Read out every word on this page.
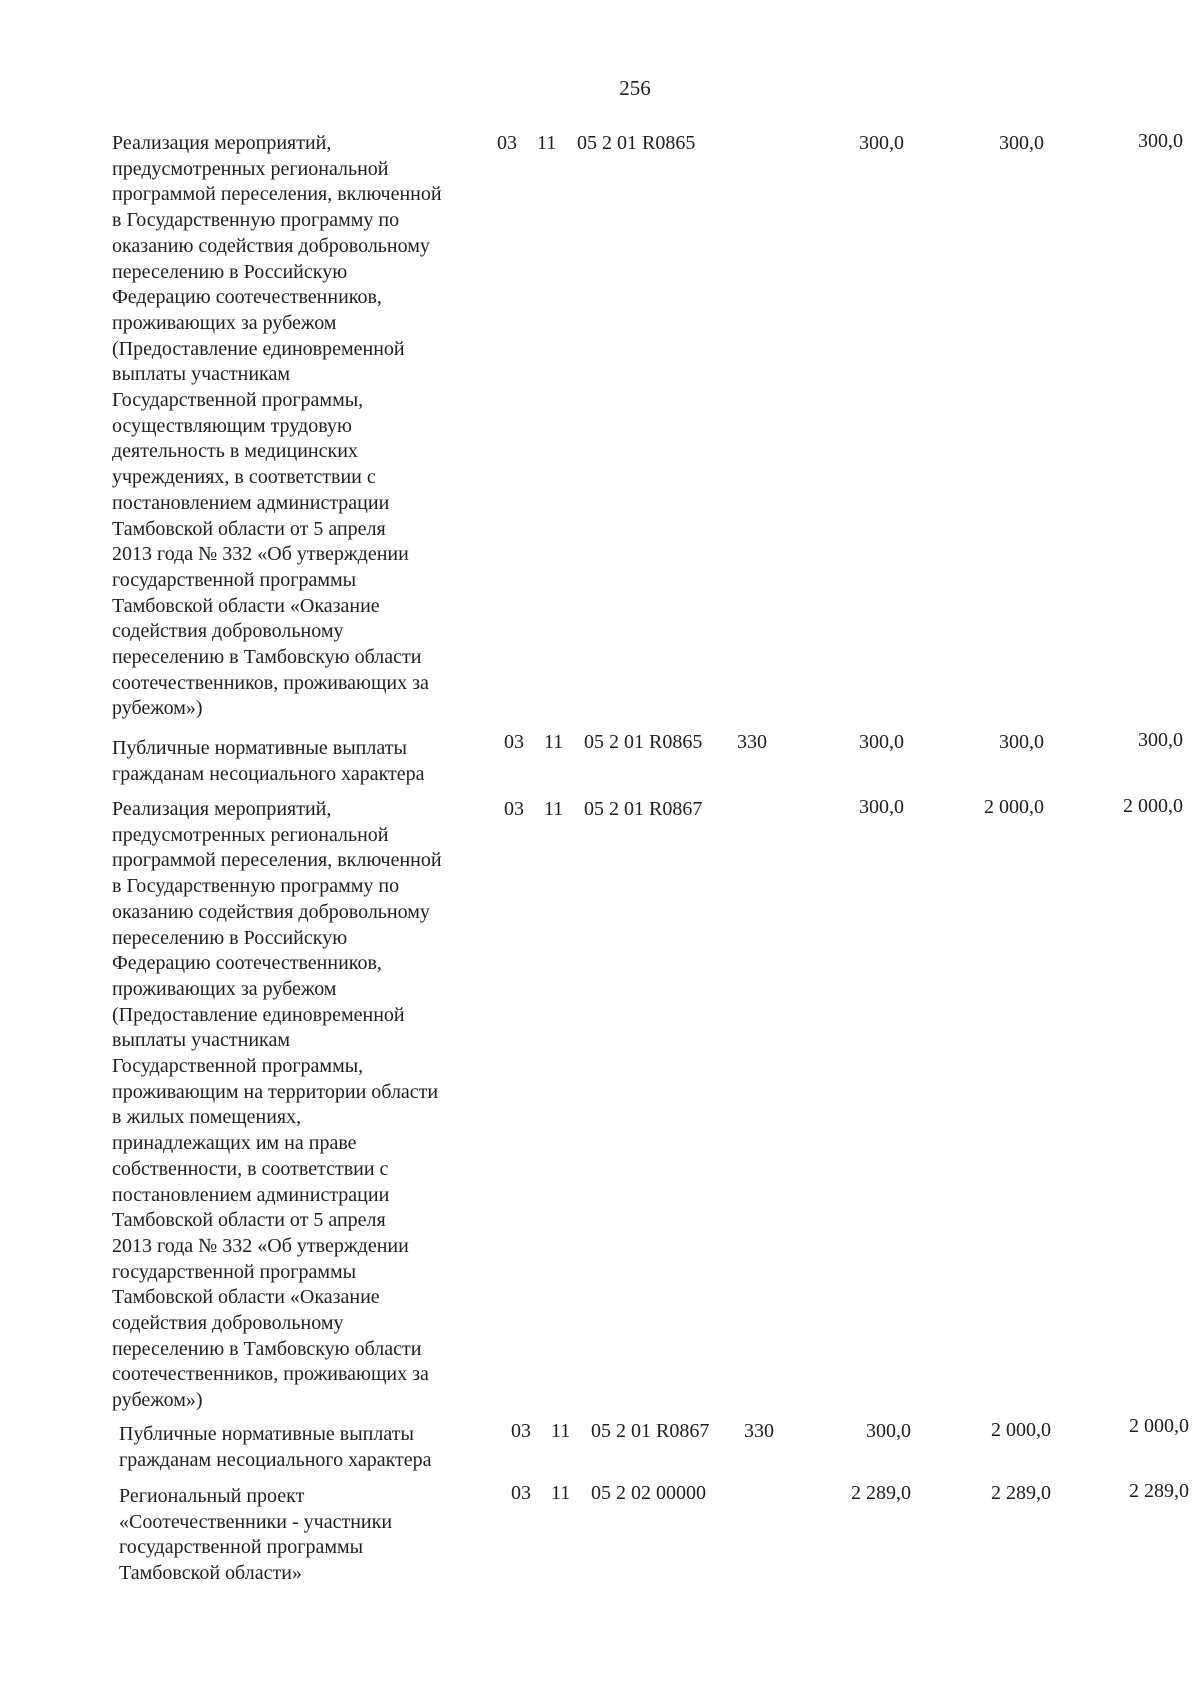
256
Реализация мероприятий,
предусмотренных региональной
программой переселения, включенной
в Государственную программу по
оказанию содействия добровольному
переселению в Российскую
Федерацию соотечественников,
проживающих за рубежом
(Предоставление единовременной
выплаты участникам
Государственной программы,
осуществляющим трудовую
деятельность в медицинских
учреждениях, в соответствии с
постановлением администрации
Тамбовской области от 5 апреля
2013 года № 332 «Об утверждении
государственной программы
Тамбовской области «Оказание
содействия добровольному
переселению в Тамбовскую области
соотечественников, проживающих за
рубежом»)
03 11 05 2 01 R0865	300,0	300,0	300,0
Публичные нормативные выплаты
гражданам несоциального характера
03 11 05 2 01 R0865 330	300,0	300,0	300,0
Реализация мероприятий,
предусмотренных региональной
программой переселения, включенной
в Государственную программу по
оказанию содействия добровольному
переселению в Российскую
Федерацию соотечественников,
проживающих за рубежом
(Предоставление единовременной
выплаты участникам
Государственной программы,
проживающим на территории области
в жилых помещениях,
принадлежащих им на праве
собственности, в соответствии с
постановлением администрации
Тамбовской области от 5 апреля
2013 года № 332 «Об утверждении
государственной программы
Тамбовской области «Оказание
содействия добровольному
переселению в Тамбовскую области
соотечественников, проживающих за
рубежом»)
03 11 05 2 01 R0867	300,0	2 000,0	2 000,0
Публичные нормативные выплаты
гражданам несоциального характера
03 11 05 2 01 R0867 330	300,0	2 000,0	2 000,0
Региональный проект
«Соотечественники - участники
государственной программы
Тамбовской области»
03 11 05 2 02 00000	2 289,0	2 289,0	2 289,0
